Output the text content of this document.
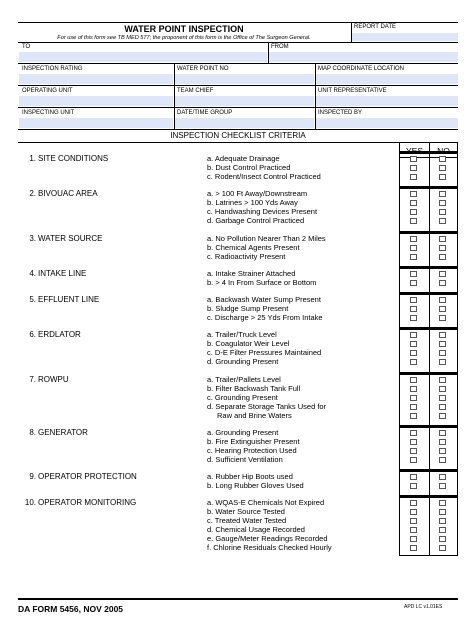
WATER POINT INSPECTION
For use of this form see TB MED 577; the proponent of this form is the Office of The Surgeon General.
REPORT DATE
TO	FROM
INSPECTION RATING	WATER POINT NO	MAP COORDINATE LOCATION
OPERATING UNIT	TEAM CHIEF	UNIT REPRESENTATIVE
INSPECTING UNIT	DATE/TIME GROUP	INSPECTED BY
INSPECTION CHECKLIST CRITERIA
1. SITE CONDITIONS	a. Adequate Drainage
b. Dust Control Practiced
c. Rodent/Insect Control Practiced
2. BIVOUAC AREA	a. > 100 Ft Away/Downstream
b. Latrines > 100 Yds Away
c. Handwashing Devices Present
d. Garbage Control Practiced
3. WATER SOURCE	a. No Pollution Nearer Than 2 Miles
b. Chemical Agents Present
c. Radioactivity Present
4. INTAKE LINE	a. Intake Strainer Attached
b. > 4 In From Surface or Bottom
5. EFFLUENT LINE	a. Backwash Water Sump Present
b. Sludge Sump Present
c. Discharge > 25 Yds From Intake
6. ERDLATOR	a. Trailer/Truck Level
b. Coagulator Weir Level
c. D-E Filter Pressures Maintained
d. Grounding Present
7. ROWPU	a. Trailer/Pallets Level
b. Filter Backwash Tank Full
c. Grounding Present
d. Separate Storage Tanks Used for
Raw and Brine Waters
8. GENERATOR	a. Grounding Present
b. Fire Extinguisher Present
c. Hearing Protection Used
d. Sufficient Ventilation
9. OPERATOR PROTECTION	a. Rubber Hip Boots used
b. Long Rubber Gloves Used
10. OPERATOR MONITORING	a. WQAS-E Chemicals Not Expired
b. Water Source Tested
c. Treated Water Tested
d. Chemical Usage Recorded
e. Gauge/Meter Readings Recorded
f. Chlorine Residuals Checked Hourly
DA FORM 5456, NOV 2005	APD LC v1.01ES
